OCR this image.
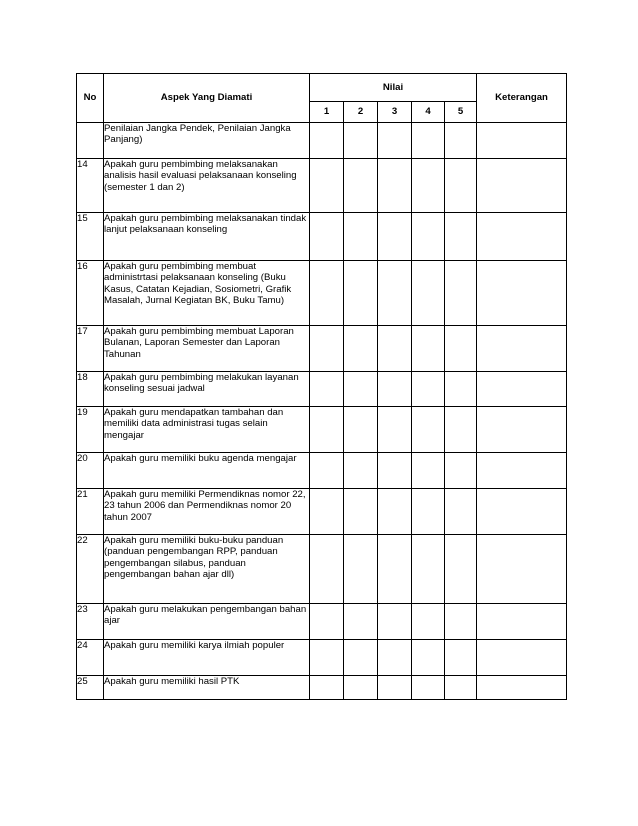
No	Aspek Yang Diamati	Nilai					Keterangan
		1	2	3	4	5	
	Penilaian Jangka Pendek, Penilaian Jangka Panjang)						
14	Apakah guru pembimbing melaksanakan analisis hasil evaluasi pelaksanaan konseling (semester 1 dan 2)						
15	Apakah guru pembimbing melaksanakan tindak lanjut pelaksanaan konseling						
16	Apakah guru pembimbing membuat administrtasi pelaksanaan konseling (Buku Kasus, Catatan Kejadian, Sosiometri, Grafik Masalah, Jurnal Kegiatan BK, Buku Tamu)						
17	Apakah guru pembimbing membuat Laporan Bulanan, Laporan Semester dan Laporan Tahunan						
18	Apakah guru pembimbing melakukan layanan konseling sesuai jadwal						
19	Apakah guru mendapatkan tambahan dan memiliki data administrasi tugas selain mengajar						
20	Apakah guru memiliki buku agenda mengajar						
21	Apakah guru memiliki Permendiknas nomor 22, 23 tahun 2006 dan Permendiknas nomor 20 tahun 2007						
22	Apakah guru memiliki buku-buku panduan (panduan pengembangan RPP, panduan pengembangan silabus, panduan pengembangan bahan ajar dll)						
23	Apakah guru melakukan pengembangan bahan ajar						
24	Apakah guru memiliki karya ilmiah populer						
25	Apakah guru memiliki hasil PTK						
